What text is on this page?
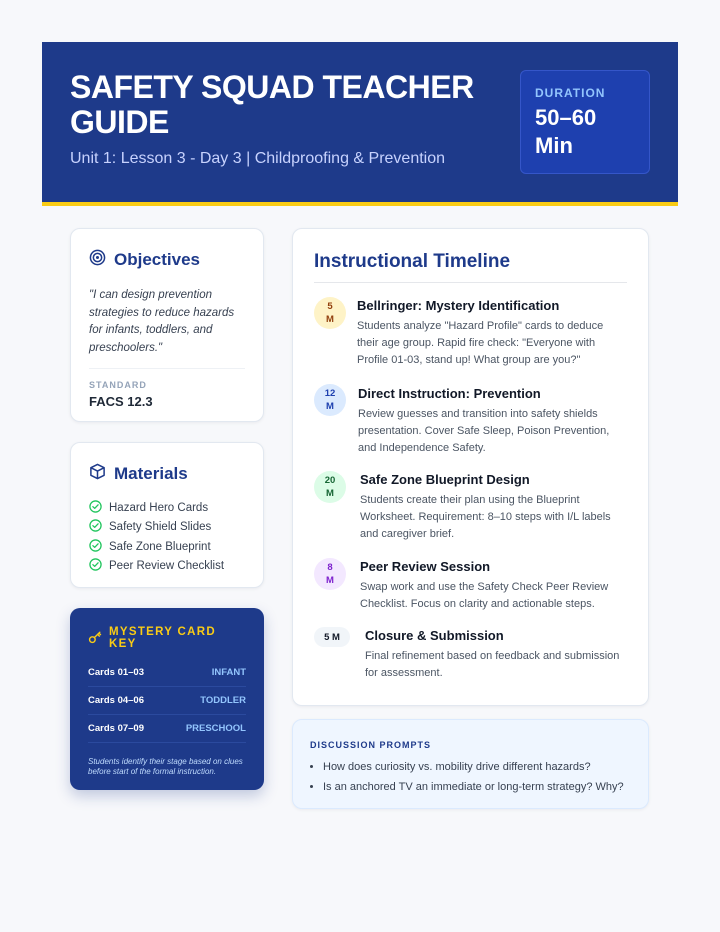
SAFETY SQUAD TEACHER GUIDE
Unit 1: Lesson 3 - Day 3 | Childproofing & Prevention
DURATION
50–60 Min
Objectives
"I can design prevention strategies to reduce hazards for infants, toddlers, and preschoolers."
STANDARD
FACS 12.3
Materials
Hazard Hero Cards
Safety Shield Slides
Safe Zone Blueprint
Peer Review Checklist
MYSTERY CARD KEY
Cards 01–03	INFANT
Cards 04–06	TODDLER
Cards 07–09	PRESCHOOL
Students identify their stage based on clues before start of the formal instruction.
Instructional Timeline
5
M
Bellringer: Mystery Identification
Students analyze "Hazard Profile" cards to deduce their age group. Rapid fire check: "Everyone with Profile 01-03, stand up! What group are you?"
12
M
Direct Instruction: Prevention
Review guesses and transition into safety shields presentation. Cover Safe Sleep, Poison Prevention, and Independence Safety.
20
M
Safe Zone Blueprint Design
Students create their plan using the Blueprint Worksheet. Requirement: 8–10 steps with I/L labels and caregiver brief.
8
M
Peer Review Session
Swap work and use the Safety Check Peer Review Checklist. Focus on clarity and actionable steps.
5 M Closure & Submission
Final refinement based on feedback and submission for assessment.
DISCUSSION PROMPTS
• How does curiosity vs. mobility drive different hazards?
• Is an anchored TV an immediate or long-term strategy? Why?
